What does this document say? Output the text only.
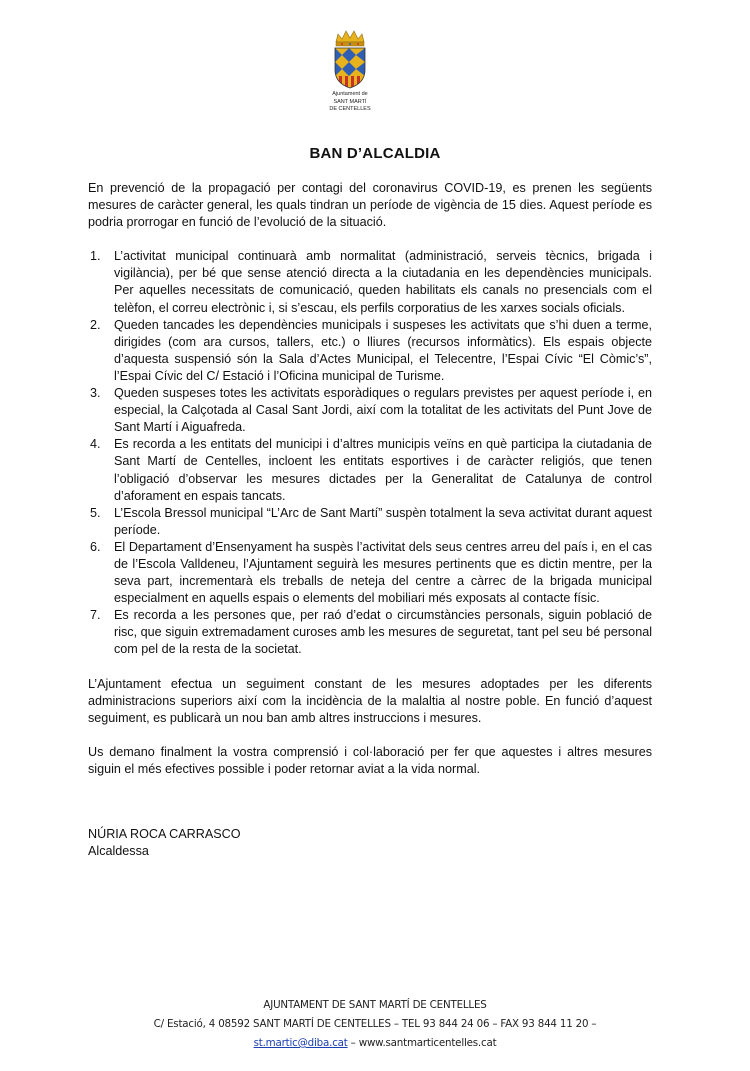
Ajuntament de
SANT MARTÍ
DE CENTELLES
BAN D’ALCALDIA

En prevenció de la propagació per contagi del coronavirus COVID-19, es prenen les següents mesures de caràcter general, les quals tindran un període de vigència de 15 dies. Aquest període es podria prorrogar en funció de l’evolució de la situació.

1. L’activitat municipal continuarà amb normalitat (administració, serveis tècnics, brigada i vigilància), per bé que sense atenció directa a la ciutadania en les dependències municipals. Per aquelles necessitats de comunicació, queden habilitats els canals no presencials com el telèfon, el correu electrònic i, si s’escau, els perfils corporatius de les xarxes socials oficials.
2. Queden tancades les dependències municipals i suspeses les activitats que s’hi duen a terme, dirigides (com ara cursos, tallers, etc.) o lliures (recursos informàtics). Els espais objecte d’aquesta suspensió són la Sala d’Actes Municipal, el Telecentre, l’Espai Cívic “El Còmic’s”, l’Espai Cívic del C/ Estació i l’Oficina municipal de Turisme.
3. Queden suspeses totes les activitats esporàdiques o regulars previstes per aquest període i, en especial, la Calçotada al Casal Sant Jordi, així com la totalitat de les activitats del Punt Jove de Sant Martí i Aiguafreda.
4. Es recorda a les entitats del municipi i d’altres municipis veïns en què participa la ciutadania de Sant Martí de Centelles, incloent les entitats esportives i de caràcter religiós, que tenen l’obligació d’observar les mesures dictades per la Generalitat de Catalunya de control d’aforament en espais tancats.
5. L’Escola Bressol municipal “L’Arc de Sant Martí” suspèn totalment la seva activitat durant aquest període.
6. El Departament d’Ensenyament ha suspès l’activitat dels seus centres arreu del país i, en el cas de l’Escola Valldeneu, l’Ajuntament seguirà les mesures pertinents que es dictin mentre, per la seva part, incrementarà els treballs de neteja del centre a càrrec de la brigada municipal especialment en aquells espais o elements del mobiliari més exposats al contacte físic.
7. Es recorda a les persones que, per raó d’edat o circumstàncies personals, siguin població de risc, que siguin extremadament curoses amb les mesures de seguretat, tant pel seu bé personal com pel de la resta de la societat.

L’Ajuntament efectua un seguiment constant de les mesures adoptades per les diferents administracions superiors així com la incidència de la malaltia al nostre poble. En funció d’aquest seguiment, es publicarà un nou ban amb altres instruccions i mesures.

Us demano finalment la vostra comprensió i col·laboració per fer que aquestes i altres mesures siguin el més efectives possible i poder retornar aviat a la vida normal.

NÚRIA ROCA CARRASCO
Alcaldessa
AJUNTAMENT DE SANT MARTÍ DE CENTELLES
C/ Estació, 4 08592 SANT MARTÍ DE CENTELLES – TEL 93 844 24 06 – FAX 93 844 11 20 –
st.martic@diba.cat – www.santmarticentelles.cat
